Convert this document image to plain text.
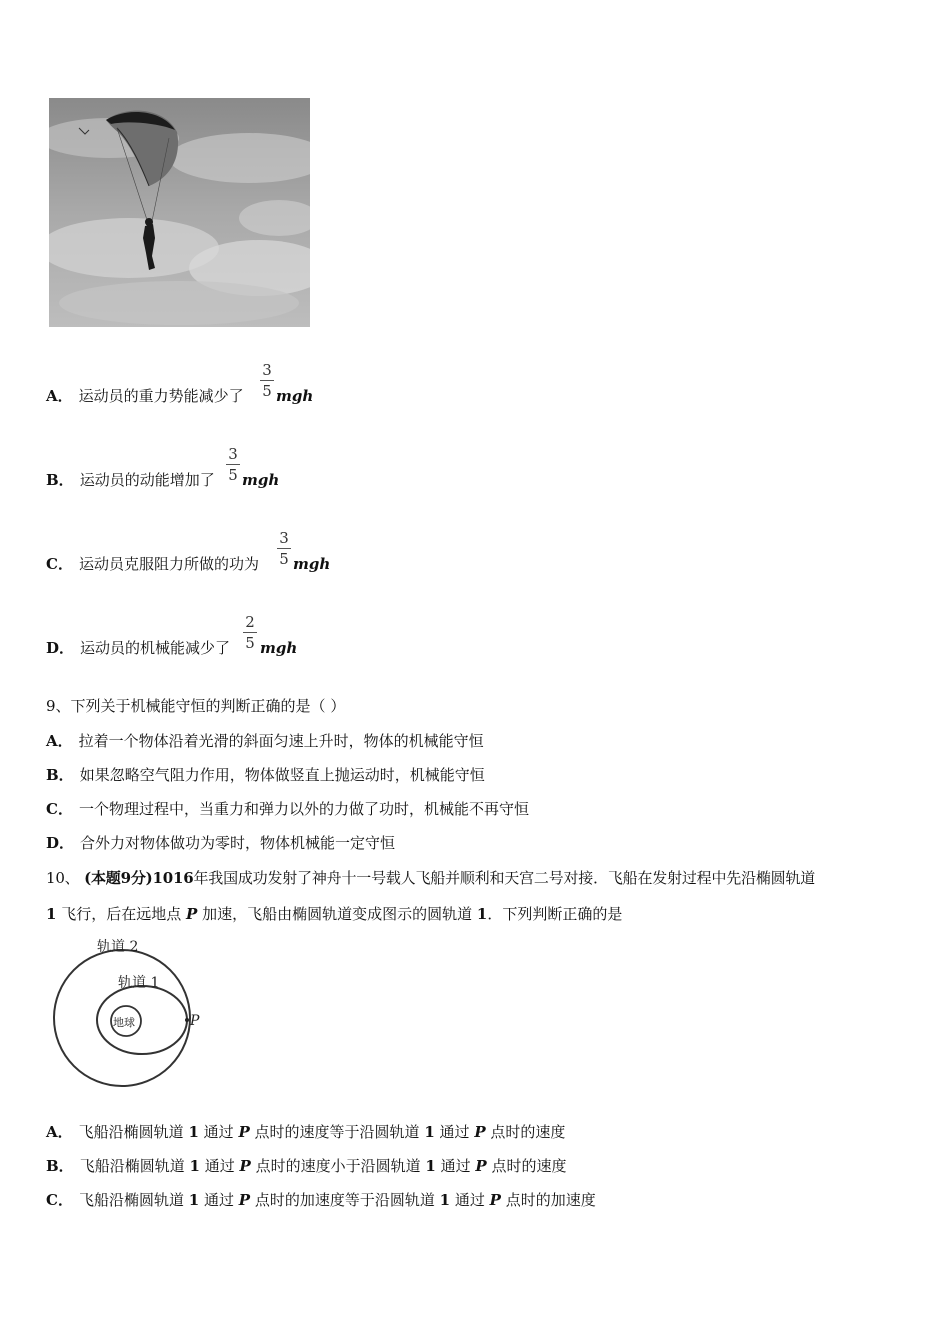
A． 运动员的重力势能减少了
3
5 mgh
B． 运动员的动能增加了
3
5 mgh
C． 运动员克服阻力所做的功为
3
5 mgh
D． 运动员的机械能减少了
2
5 mgh
9、下列关于机械能守恒的判断正确的是（ ）
A． 拉着一个物体沿着光滑的斜面匀速上升时，物体的机械能守恒
B． 如果忽略空气阻力作用，物体做竖直上抛运动时，机械能守恒
C． 一个物理过程中，当重力和弹力以外的力做了功时，机械能不再守恒
D． 合外力对物体做功为零时，物体机械能一定守恒
10、 (本题9分)1016年我国成功发射了神舟十一号载人飞船并顺利和天宫二号对接．飞船在发射过程中先沿椭圆轨道
1 飞行，后在远地点 P 加速，飞船由椭圆轨道变成图示的圆轨道 1．下列判断正确的是
轨道 2
轨道 1
地球	P
A． 飞船沿椭圆轨道 1 通过 P 点时的速度等于沿圆轨道 1 通过 P 点时的速度
B． 飞船沿椭圆轨道 1 通过 P 点时的速度小于沿圆轨道 1 通过 P 点时的速度
C． 飞船沿椭圆轨道 1 通过 P 点时的加速度等于沿圆轨道 1 通过 P 点时的加速度
